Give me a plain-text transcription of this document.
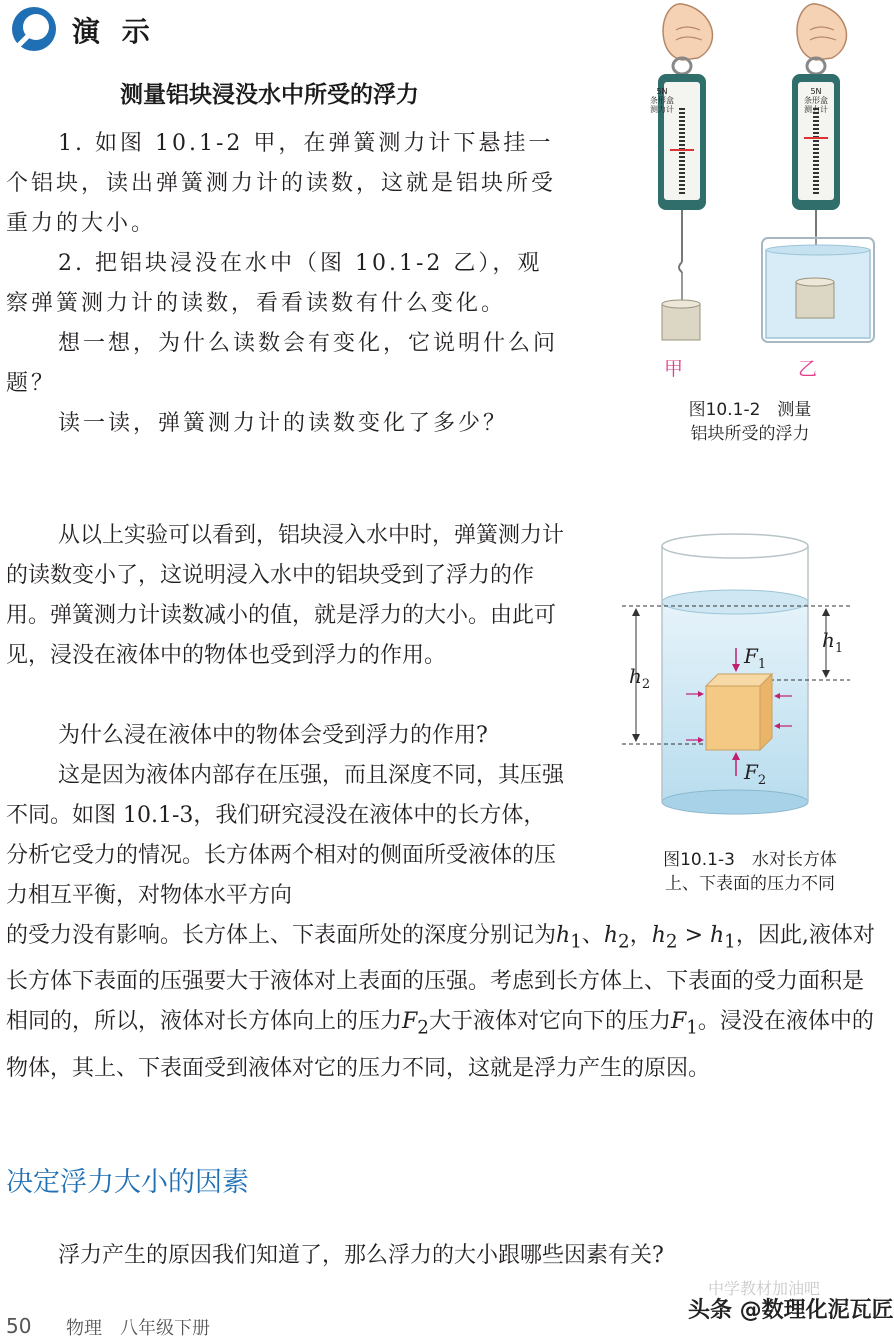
演 示
测量铝块浸没水中所受的浮力
1. 如图 10.1-2 甲，在弹簧测力计下悬挂一个铝块，读出弹簧测力计的读数，这就是铝块所受重力的大小。
2. 把铝块浸没在水中（图 10.1-2 乙），观察弹簧测力计的读数，看看读数有什么变化。
想一想，为什么读数会有变化，它说明什么问题？
读一读，弹簧测力计的读数变化了多少？
5N
条形盒
测力计
5N
条形盒
测力计
甲	乙
图10.1-2　测量
铝块所受的浮力
从以上实验可以看到，铝块浸入水中时，弹簧测力计的读数变小了，这说明浸入水中的铝块受到了浮力的作用。弹簧测力计读数减小的值，就是浮力的大小。由此可见，浸没在液体中的物体也受到浮力的作用。
为什么浸在液体中的物体会受到浮力的作用?
这是因为液体内部存在压强，而且深度不同，其压强不同。如图 10.1-3，我们研究浸没在液体中的长方体，分析它受力的情况。长方体两个相对的侧面所受液体的压力相互平衡，对物体水平方向
$h_1$
$h_2$
$F_1$
$F_2$
图10.1-3　水对长方体
上、下表面的压力不同
的受力没有影响。长方体上、下表面所处的深度分别记为$h_1$、$h_2$，$h_2 > h_1$，因此,液体对长方体下表面的压强要大于液体对上表面的压强。考虑到长方体上、下表面的受力面积是相同的，所以，液体对长方体向上的压力$F_2$大于液体对它向下的压力$F_1$。浸没在液体中的物体，其上、下表面受到液体对它的压力不同，这就是浮力产生的原因。
决定浮力大小的因素
浮力产生的原因我们知道了，那么浮力的大小跟哪些因素有关?
50 物理　八年级下册
中学教材加油吧
头条 @数理化泥瓦匠
